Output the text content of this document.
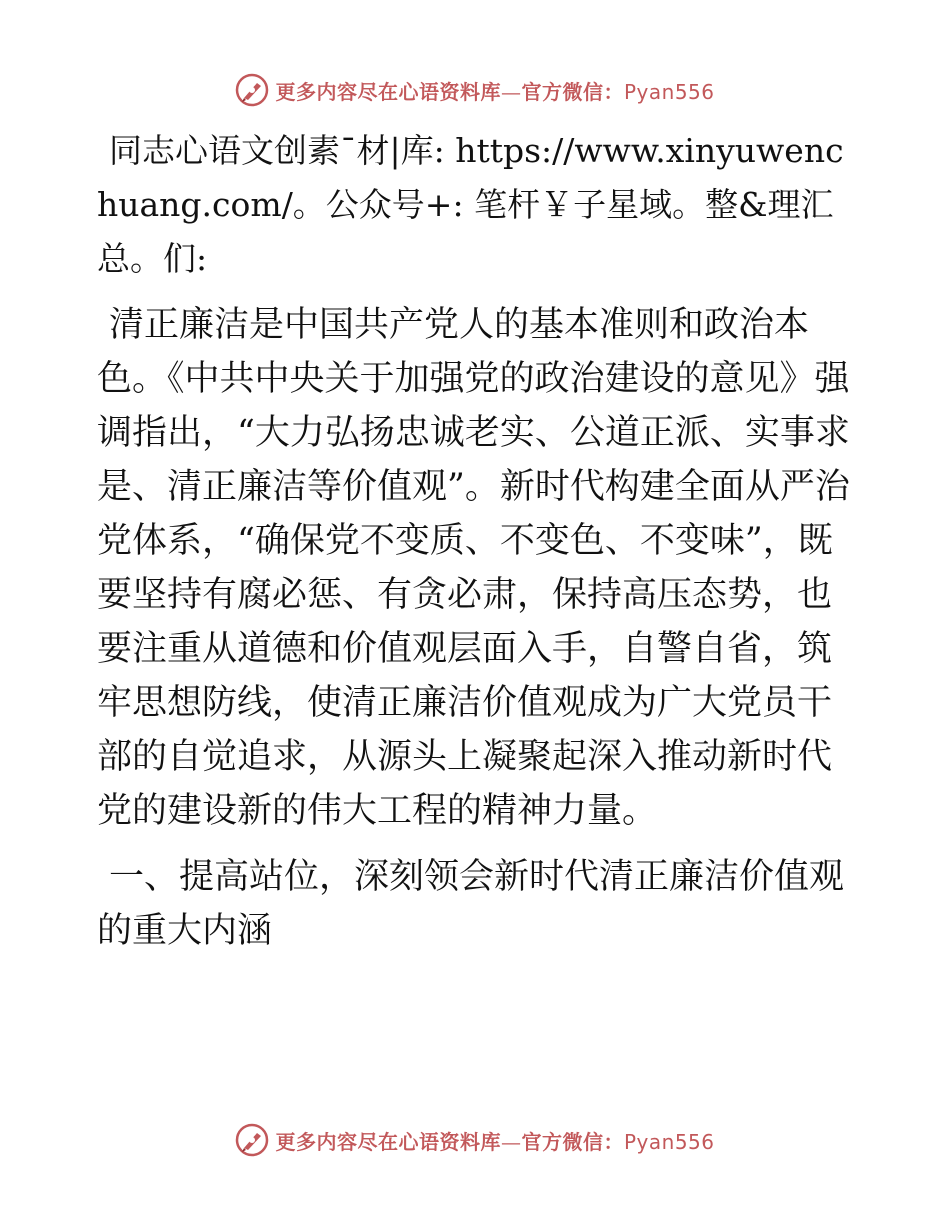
更多内容尽在心语资料库—官方微信：Pyan556

同志心语文创素¯材|库: https://www.xinyuwenchuang.com/。公众号+: 笔杆￥子星域。整&理汇总。们:

清正廉洁是中国共产党人的基本准则和政治本色。《中共中央关于加强党的政治建设的意见》强调指出，“大力弘扬忠诚老实、公道正派、实事求是、清正廉洁等价值观”。新时代构建全面从严治党体系，“确保党不变质、不变色、不变味”，既要坚持有腐必惩、有贪必肃，保持高压态势，也要注重从道德和价值观层面入手，自警自省，筑牢思想防线，使清正廉洁价值观成为广大党员干部的自觉追求，从源头上凝聚起深入推动新时代党的建设新的伟大工程的精神力量。

一、提高站位，深刻领会新时代清正廉洁价值观的重大内涵

更多内容尽在心语资料库—官方微信：Pyan556
